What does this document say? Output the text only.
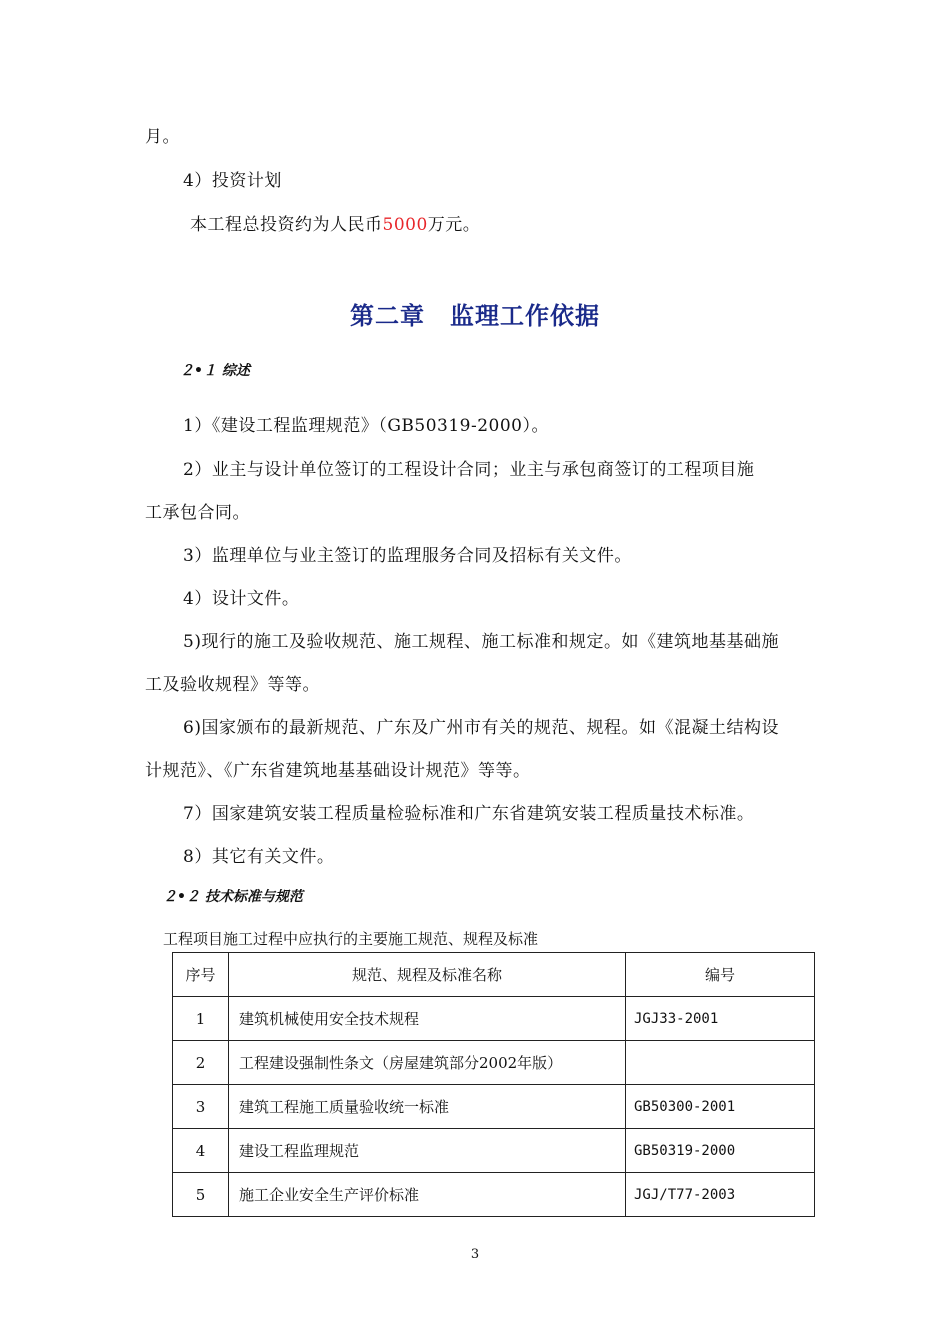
月。
4）投资计划
本工程总投资约为人民币5000万元。
第二章　监理工作依据
２•１ 综述
1）《建设工程监理规范》（GB50319-2000）。
2）业主与设计单位签订的工程设计合同；业主与承包商签订的工程项目施
工承包合同。
3）监理单位与业主签订的监理服务合同及招标有关文件。
4）设计文件。
5)现行的施工及验收规范、施工规程、施工标准和规定。如《建筑地基基础施
工及验收规程》等等。
6)国家颁布的最新规范、广东及广州市有关的规范、规程。如《混凝土结构设
计规范》、《广东省建筑地基基础设计规范》等等。
7）国家建筑安装工程质量检验标准和广东省建筑安装工程质量技术标准。
8）其它有关文件。
２•２ 技术标准与规范
工程项目施工过程中应执行的主要施工规范、规程及标准
序号	规范、规程及标准名称	编号
1	建筑机械使用安全技术规程	JGJ33-2001
2	工程建设强制性条文（房屋建筑部分2002年版）	
3	建筑工程施工质量验收统一标准	GB50300-2001
4	建设工程监理规范	GB50319-2000
5	施工企业安全生产评价标准	JGJ/T77-2003
3
